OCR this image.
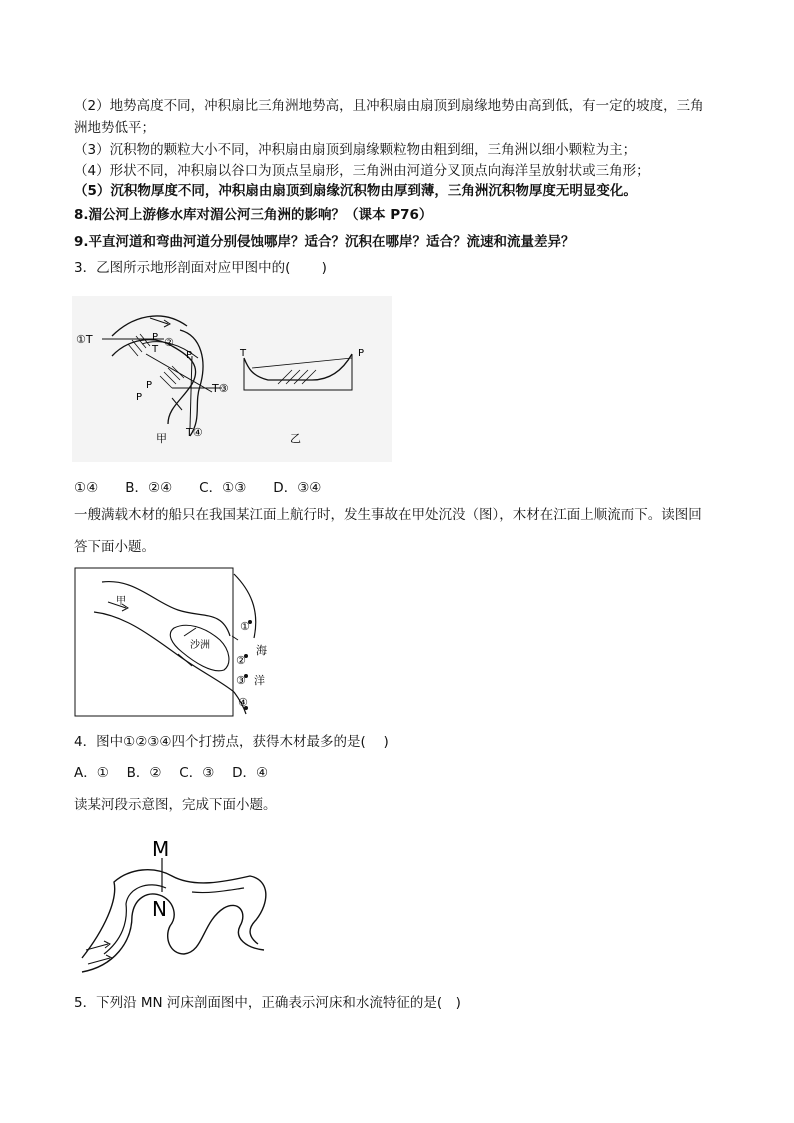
（2）地势高度不同，冲积扇比三角洲地势高，且冲积扇由扇顶到扇缘地势由高到低，有一定的坡度，三角
洲地势低平；
（3）沉积物的颗粒大小不同，冲积扇由扇顶到扇缘颗粒物由粗到细，三角洲以细小颗粒为主；
（4）形状不同，冲积扇以谷口为顶点呈扇形，三角洲由河道分叉顶点向海洋呈放射状或三角形；
（5）沉积物厚度不同，冲积扇由扇顶到扇缘沉积物由厚到薄，三角洲沉积物厚度无明显变化。
8.湄公河上游修水库对湄公河三角洲的影响？（课本 P76）
9.平直河道和弯曲河道分别侵蚀哪岸？适合？沉积在哪岸？适合？流速和流量差异？
3．乙图所示地形剖面对应甲图中的(　　 )
①T	P
T
②
P
P
P
T③
T④
甲
T	P
乙
①④　　B．②④　　C．①③　　D．③④
一艘满载木材的船只在我国某江面上航行时，发生事故在甲处沉没（图），木材在江面上顺流而下。读图回
答下面小题。
甲
沙洲	海
洋
①
②
③
④
4．图中①②③④四个打捞点，获得木材最多的是(　 )
A．①　 B．②　 C．③　 D．④
读某河段示意图，完成下面小题。
M
N
5．下列沿 MN 河床剖面图中，正确表示河床和水流特征的是(　)
